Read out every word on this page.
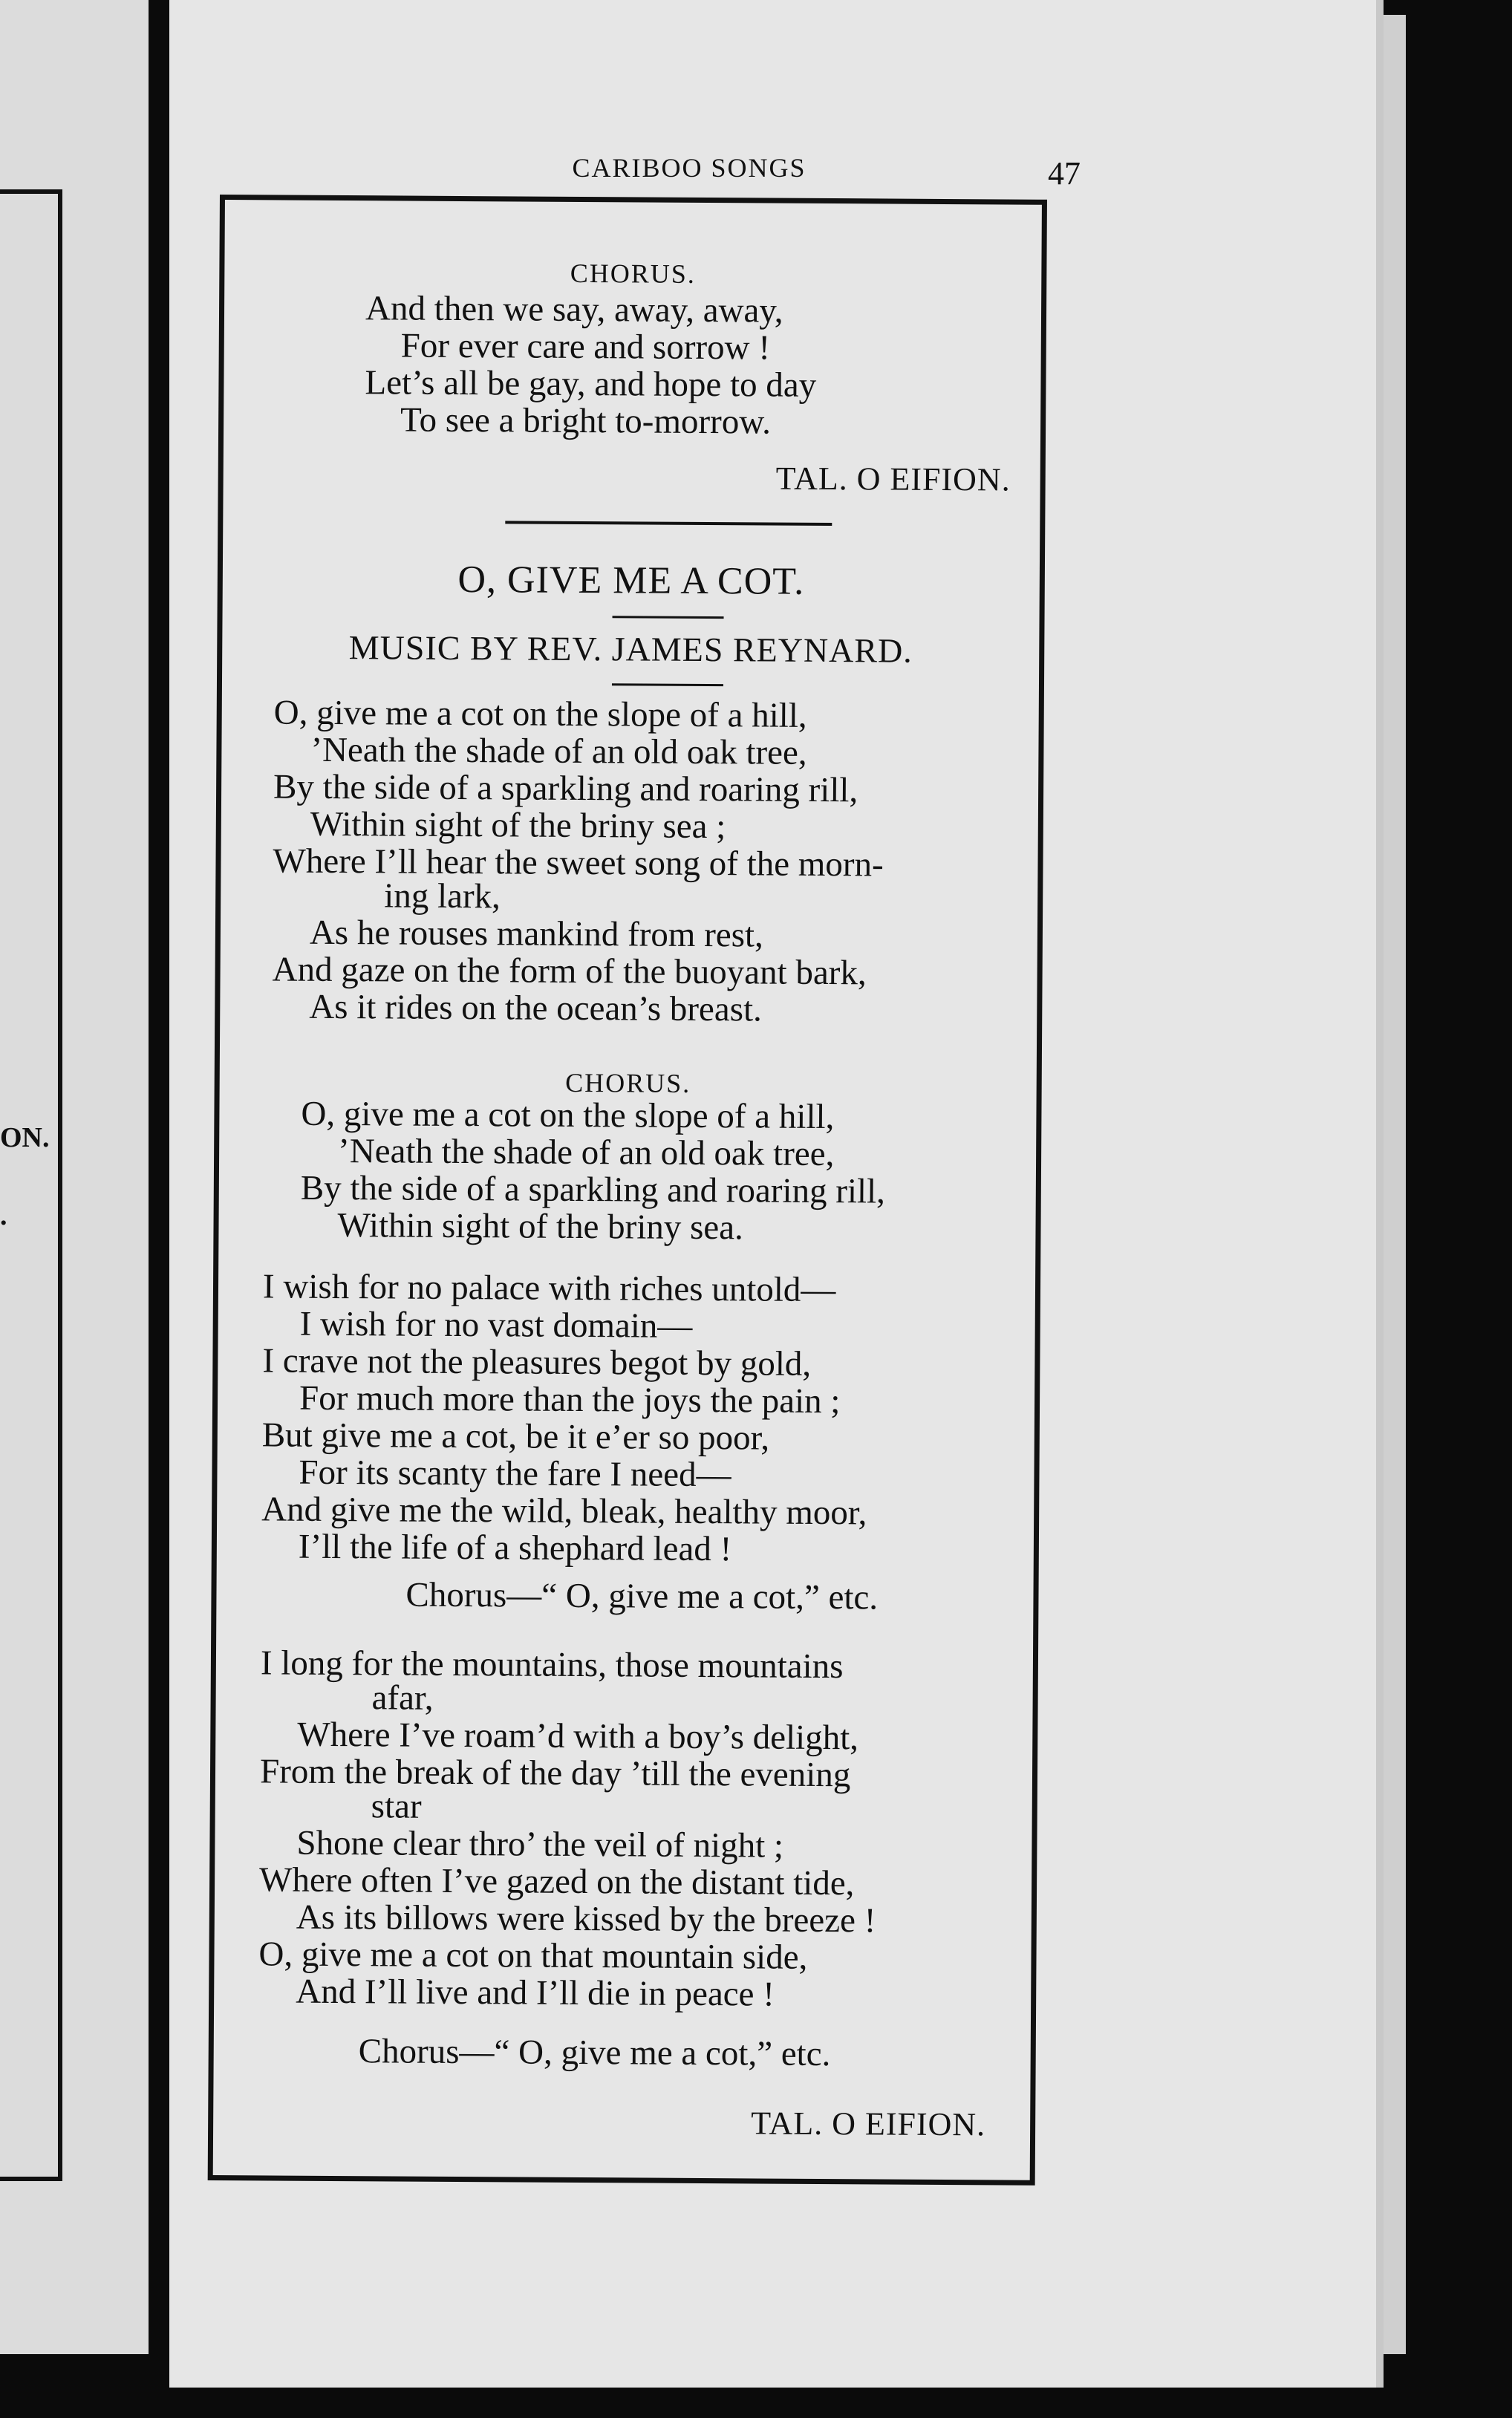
ON.
.
CARIBOO SONGS	47
CHORUS.
And then we say, away, away,
For ever care and sorrow !
Let’s all be gay, and hope to day
To see a bright to-morrow.
TAL. O EIFION.
O, GIVE ME A COT.
MUSIC BY REV. JAMES REYNARD.
O, give me a cot on the slope of a hill,
’Neath the shade of an old oak tree,
By the side of a sparkling and roaring rill,
Within sight of the briny sea ;
Where I’ll hear the sweet song of the morn-
ing lark,
As he rouses mankind from rest,
And gaze on the form of the buoyant bark,
As it rides on the ocean’s breast.
CHORUS.
O, give me a cot on the slope of a hill,
’Neath the shade of an old oak tree,
By the side of a sparkling and roaring rill,
Within sight of the briny sea.
I wish for no palace with riches untold—
I wish for no vast domain—
I crave not the pleasures begot by gold,
For much more than the joys the pain ;
But give me a cot, be it e’er so poor,
For its scanty the fare I need—
And give me the wild, bleak, healthy moor,
I’ll the life of a shephard lead !
Chorus—“ O, give me a cot,” etc.
I long for the mountains, those mountains
afar,
Where I’ve roam’d with a boy’s delight,
From the break of the day ’till the evening
star
Shone clear thro’ the veil of night ;
Where often I’ve gazed on the distant tide,
As its billows were kissed by the breeze !
O, give me a cot on that mountain side,
And I’ll live and I’ll die in peace !
Chorus—“ O, give me a cot,” etc.
TAL. O EIFION.
